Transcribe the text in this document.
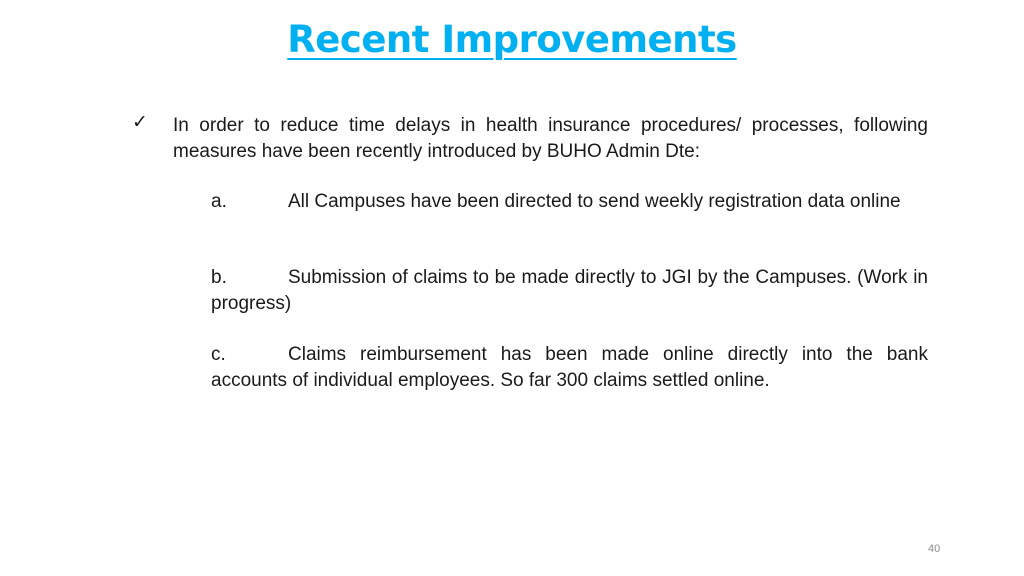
Recent Improvements
✓ In order to reduce time delays in health insurance procedures/ processes, following measures have been recently introduced by BUHO Admin Dte:
a.	All Campuses have been directed to send weekly registration data online
b.	Submission of claims to be made directly to JGI by the Campuses. (Work in progress)
c.	Claims reimbursement has been made online directly into the bank accounts of individual employees. So far 300 claims settled online.
40
